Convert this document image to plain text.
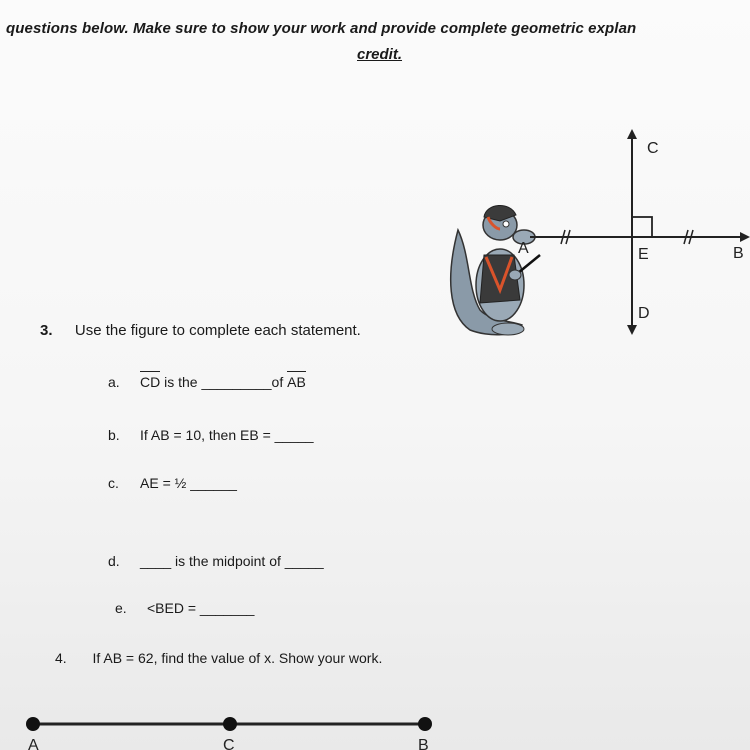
questions below. Make sure to show your work and provide complete geometric explan
credit.
C
A	E	B
D
3. Use the figure to complete each statement.
a. CD is the _________of AB
b. If AB = 10, then EB = _____
c. AE = ½ ______
d. ____ is the midpoint of _____
e. <BED = _______
4. If AB = 62, find the value of x. Show your work.
A	C	B
